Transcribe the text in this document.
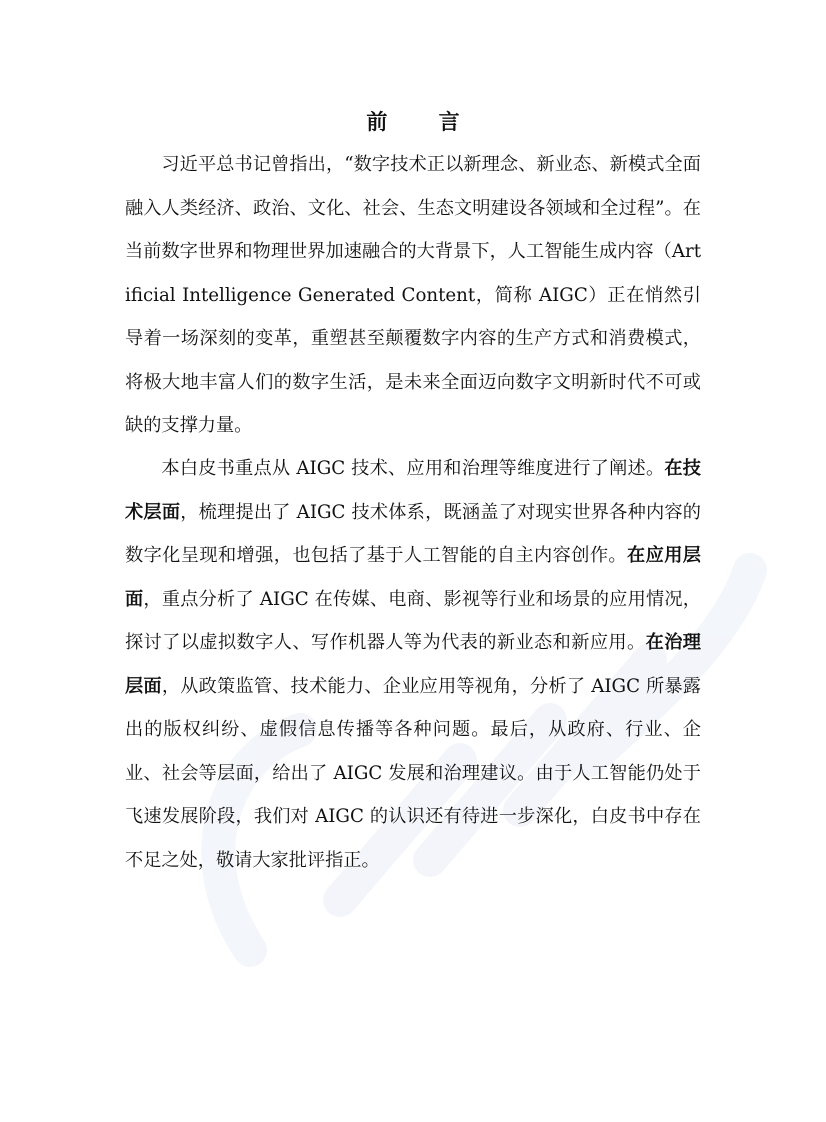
前 言

习近平总书记曾指出，“数字技术正以新理念、新业态、新模式全面融入人类经济、政治、文化、社会、生态文明建设各领域和全过程”。在当前数字世界和物理世界加速融合的大背景下，人工智能生成内容（Artificial Intelligence Generated Content，简称 AIGC）正在悄然引导着一场深刻的变革，重塑甚至颠覆数字内容的生产方式和消费模式，将极大地丰富人们的数字生活，是未来全面迈向数字文明新时代不可或缺的支撑力量。

本白皮书重点从 AIGC 技术、应用和治理等维度进行了阐述。在技术层面，梳理提出了 AIGC 技术体系，既涵盖了对现实世界各种内容的数字化呈现和增强，也包括了基于人工智能的自主内容创作。在应用层面，重点分析了 AIGC 在传媒、电商、影视等行业和场景的应用情况，探讨了以虚拟数字人、写作机器人等为代表的新业态和新应用。在治理层面，从政策监管、技术能力、企业应用等视角，分析了 AIGC 所暴露出的版权纠纷、虚假信息传播等各种问题。最后，从政府、行业、企业、社会等层面，给出了 AIGC 发展和治理建议。由于人工智能仍处于飞速发展阶段，我们对 AIGC 的认识还有待进一步深化，白皮书中存在不足之处，敬请大家批评指正。
